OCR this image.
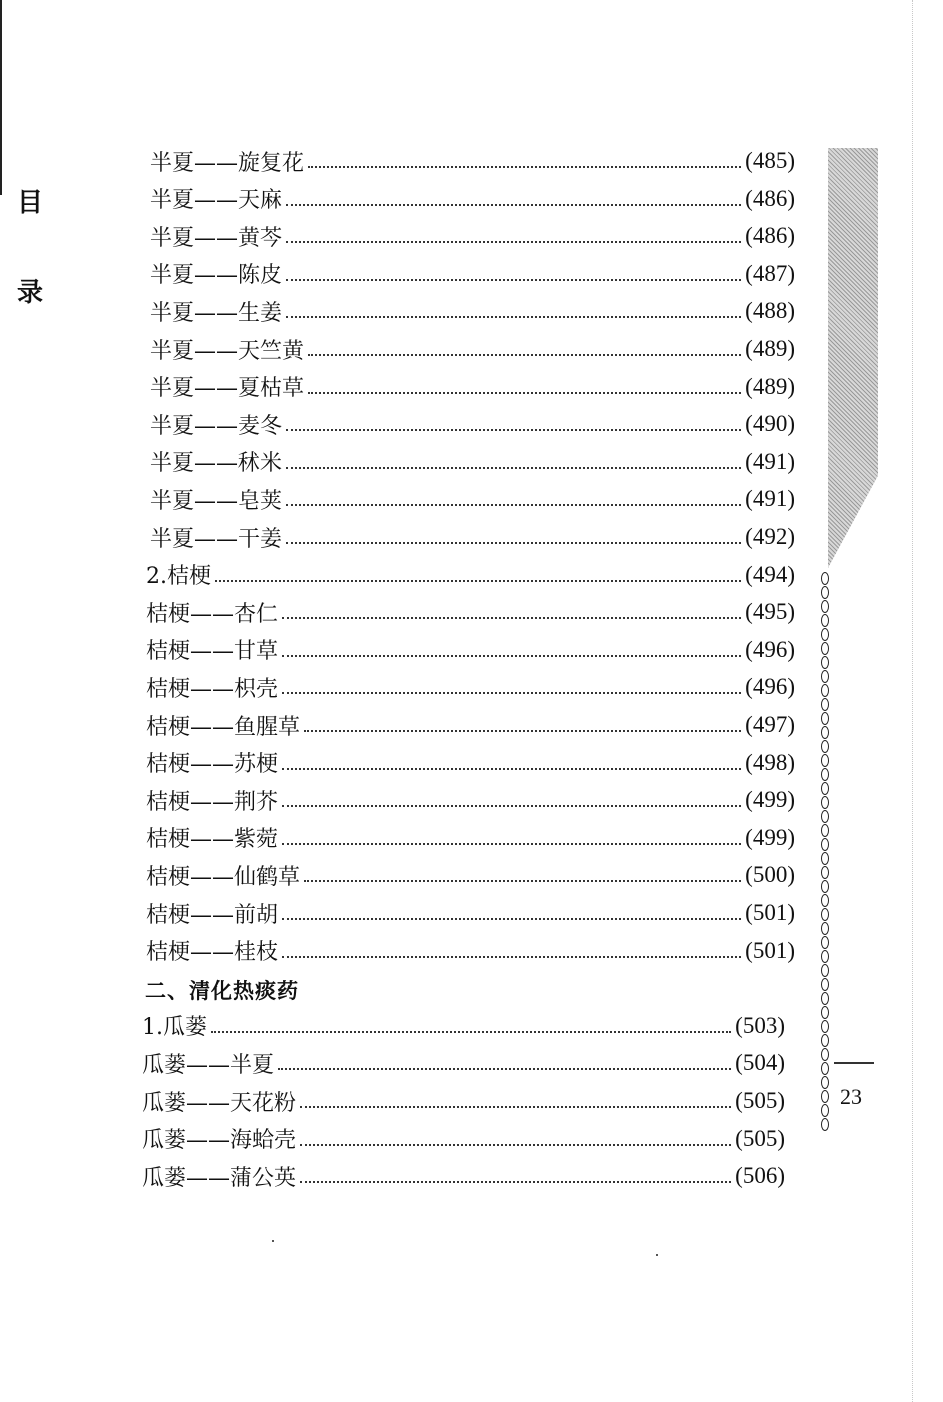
半夏——旋复花	(485)
半夏——天麻	(486)
半夏——黄芩	(486)
半夏——陈皮	(487)
半夏——生姜	(488)
半夏——天竺黄	(489)
半夏——夏枯草	(489)
半夏——麦冬	(490)
半夏——秫米	(491)
半夏——皂荚	(491)
半夏——干姜	(492)
2.桔梗	(494)
桔梗——杏仁	(495)
桔梗——甘草	(496)
桔梗——枳壳	(496)
桔梗——鱼腥草	(497)
桔梗——苏梗	(498)
桔梗——荆芥	(499)
桔梗——紫菀	(499)
桔梗——仙鹤草	(500)
桔梗——前胡	(501)
桔梗——桂枝	(501)
二、清化热痰药
1.瓜蒌	(503)
瓜蒌——半夏	(504)
瓜蒌——天花粉	(505)
瓜蒌——海蛤壳	(505)
瓜蒌——蒲公英	(506)
目
录
23
